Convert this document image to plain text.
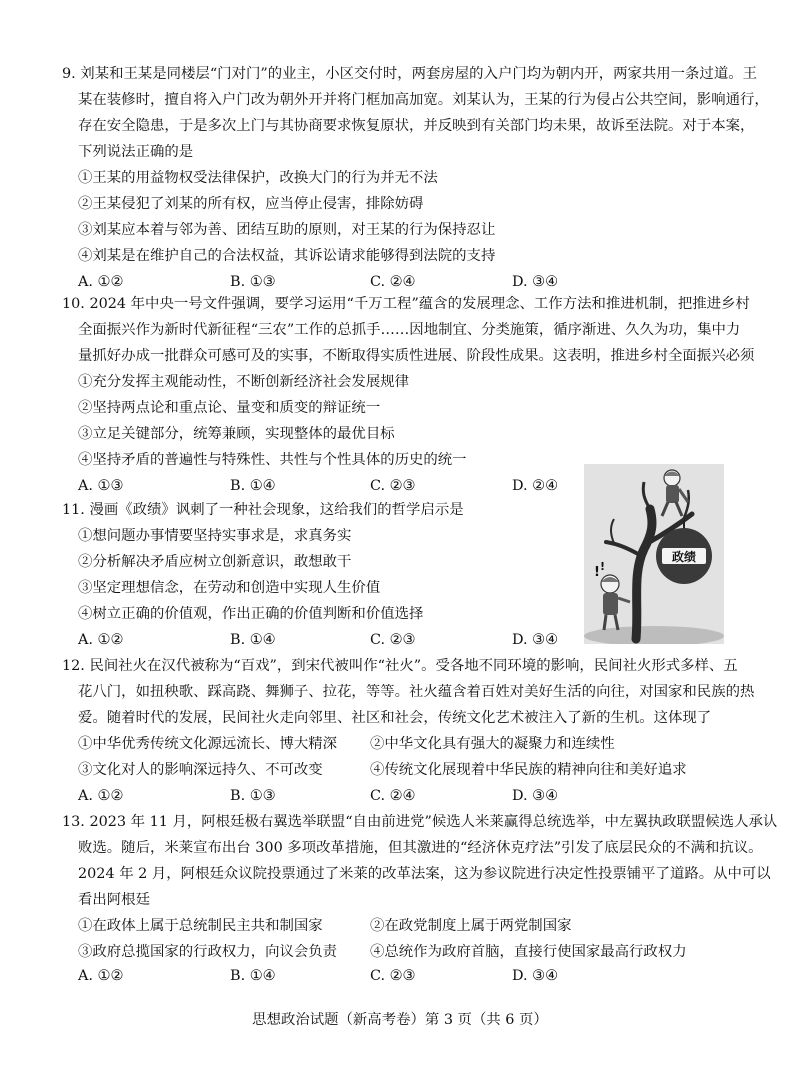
9. 刘某和王某是同楼层“门对门”的业主，小区交付时，两套房屋的入户门均为朝内开，两家共用一条过道。王
某在装修时，擅自将入户门改为朝外开并将门框加高加宽。刘某认为，王某的行为侵占公共空间，影响通行，
存在安全隐患，于是多次上门与其协商要求恢复原状，并反映到有关部门均未果，故诉至法院。对于本案，
下列说法正确的是
①王某的用益物权受法律保护，改换大门的行为并无不法
②王某侵犯了刘某的所有权，应当停止侵害，排除妨碍
③刘某应本着与邻为善、团结互助的原则，对王某的行为保持忍让
④刘某是在维护自己的合法权益，其诉讼请求能够得到法院的支持
A. ①②	B. ①③	C. ②④	D. ③④
10. 2024 年中央一号文件强调，要学习运用“千万工程”蕴含的发展理念、工作方法和推进机制，把推进乡村
全面振兴作为新时代新征程“三农”工作的总抓手……因地制宜、分类施策，循序渐进、久久为功，集中力
量抓好办成一批群众可感可及的实事，不断取得实质性进展、阶段性成果。这表明，推进乡村全面振兴必须
①充分发挥主观能动性，不断创新经济社会发展规律
②坚持两点论和重点论、量变和质变的辩证统一
③立足关键部分，统筹兼顾，实现整体的最优目标
④坚持矛盾的普遍性与特殊性、共性与个性具体的历史的统一
A. ①③	B. ①④	C. ②③	D. ②④
11. 漫画《政绩》讽刺了一种社会现象，这给我们的哲学启示是
①想问题办事情要坚持实事求是，求真务实
②分析解决矛盾应树立创新意识，敢想敢干
③坚定理想信念，在劳动和创造中实现人生价值
④树立正确的价值观，作出正确的价值判断和价值选择
A. ①②	B. ①④	C. ②③	D. ③④
政绩
! !
12. 民间社火在汉代被称为“百戏”，到宋代被叫作“社火”。受各地不同环境的影响，民间社火形式多样、五
花八门，如扭秧歌、踩高跷、舞狮子、拉花，等等。社火蕴含着百姓对美好生活的向往，对国家和民族的热
爱。随着时代的发展，民间社火走向邻里、社区和社会，传统文化艺术被注入了新的生机。这体现了
①中华优秀传统文化源远流长、博大精深 ②中华文化具有强大的凝聚力和连续性
③文化对人的影响深远持久、不可改变	④传统文化展现着中华民族的精神向往和美好追求
A. ①②	B. ①③	C. ②④	D. ③④
13. 2023 年 11 月，阿根廷极右翼选举联盟“自由前进党”候选人米莱赢得总统选举，中左翼执政联盟候选人承认
败选。随后，米莱宣布出台 300 多项改革措施，但其激进的“经济休克疗法”引发了底层民众的不满和抗议。
2024 年 2 月，阿根廷众议院投票通过了米莱的改革法案，这为参议院进行决定性投票铺平了道路。从中可以
看出阿根廷
①在政体上属于总统制民主共和制国家	②在政党制度上属于两党制国家
③政府总揽国家的行政权力，向议会负责 ④总统作为政府首脑，直接行使国家最高行政权力
A. ①②	B. ①④	C. ②③	D. ③④
思想政治试题（新高考卷）第 3 页（共 6 页）
